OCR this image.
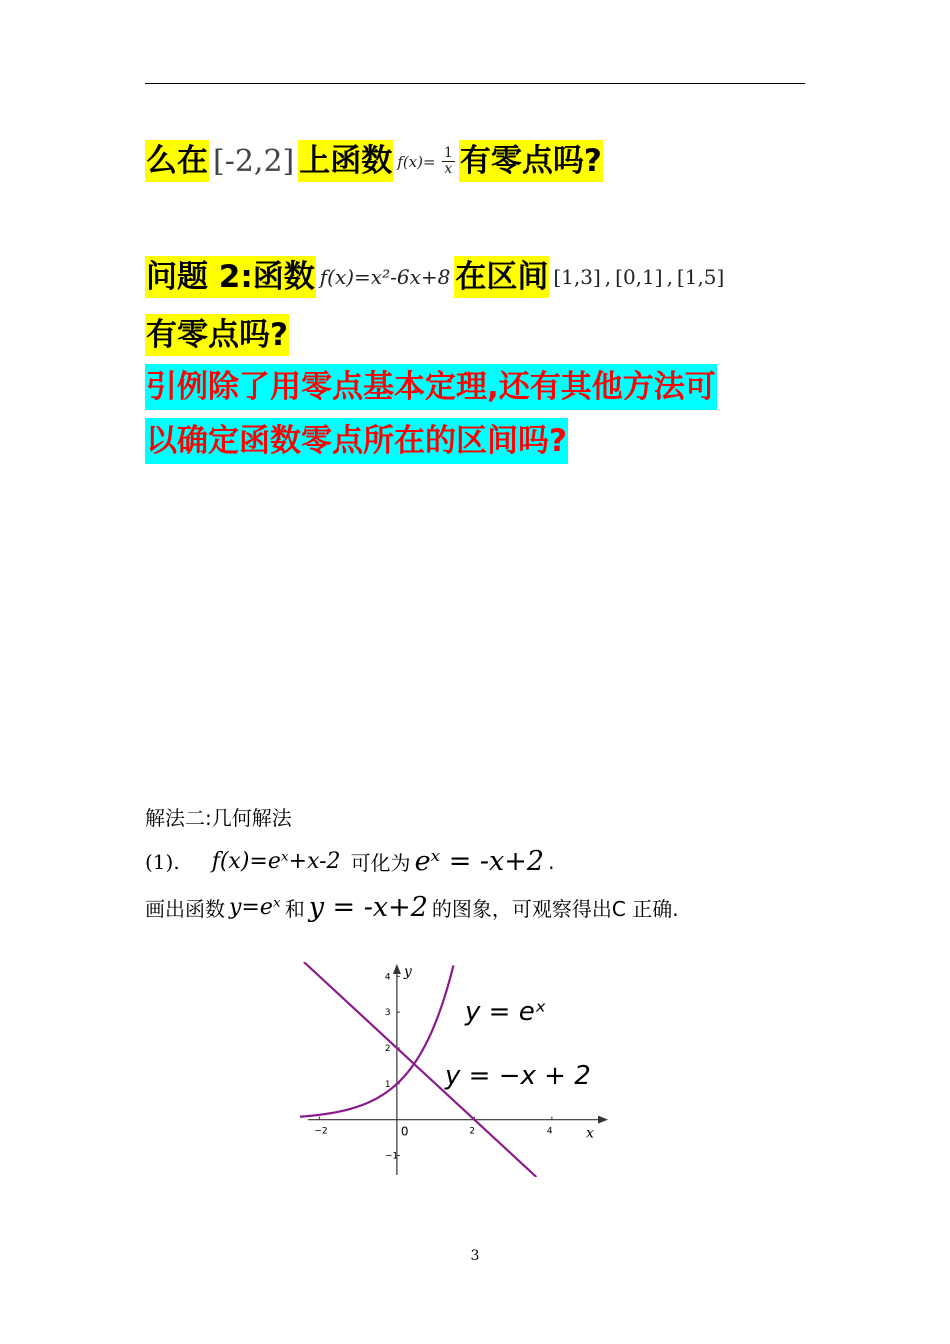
么在 [-2,2] 上函数 $f(x)= \frac{1}{x}$ 有零点吗?
问题 2:函数 f(x)=x²-6x+8 在区间 [1,3] , [0,1] , [1,5]
有零点吗?
引例除了用零点基本定理,还有其他方法可
以确定函数零点所在的区间吗?
解法二:几何解法
(1). f(x)=eˣ+x-2 可化为 eˣ = -x+2 .
画出函数 y=eˣ 和 y = -x+2 的图象，可观察得出C 正确.
−2	2	4
4
3
2
1
−1
y
x
0
y = eˣ
y = −x + 2
3
